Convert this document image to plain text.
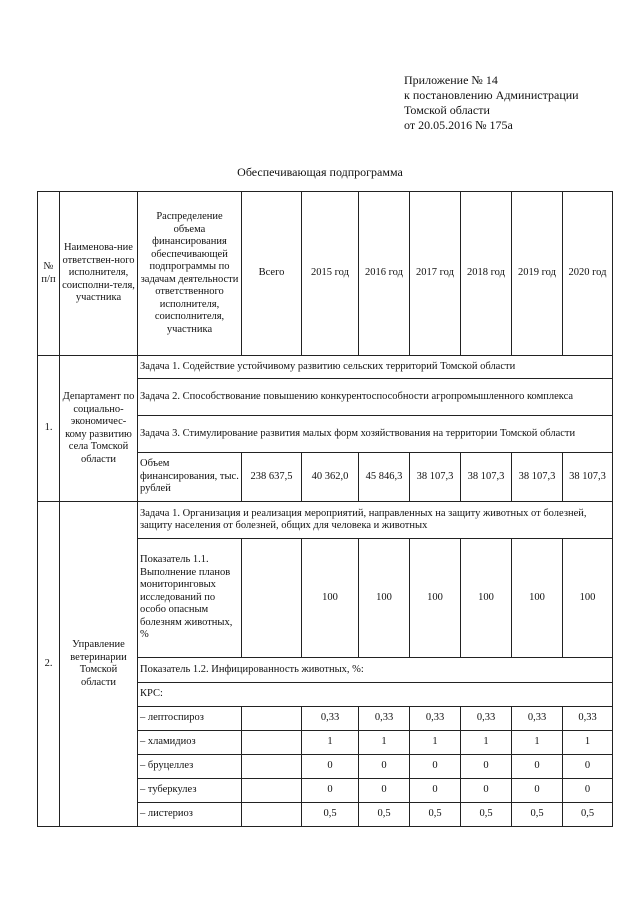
Приложение № 14
к постановлению Администрации
Томской области
от 20.05.2016 № 175а
Обеспечивающая подпрограмма
№ п/п	Наименова-ние ответствен-ного исполнителя, соисполни-теля, участника	Распределение объема финансирования обеспечивающей подпрограммы по задачам деятельности ответственного исполнителя, соисполнителя, участника	Всего	2015 год	2016 год	2017 год	2018 год	2019 год	2020 год
1.	Департамент по социально-экономичес-кому развитию села Томской области	Задача 1. Содействие устойчивому развитию сельских территорий Томской области							
		Задача 2. Способствование повышению конкурентоспособности агропромышленного комплекса							
		Задача 3. Стимулирование развития малых форм хозяйствования на территории Томской области							
		Объем финансирования, тыс. рублей	238 637,5	40 362,0	45 846,3	38 107,3	38 107,3	38 107,3	38 107,3
2.	Управление ветеринарии Томской области	Задача 1. Организация и реализация мероприятий, направленных на защиту животных от болезней, защиту населения от болезней, общих для человека и животных							
		Показатель 1.1. Выполнение планов мониторинговых исследований по особо опасным болезням животных, %		100	100	100	100	100	100
		Показатель 1.2. Инфицированность животных, %:							
		КРС:							
		– лептоспироз		0,33	0,33	0,33	0,33	0,33	0,33
		– хламидиоз		1	1	1	1	1	1
		– бруцеллез		0	0	0	0	0	0
		– туберкулез		0	0	0	0	0	0
		– листериоз		0,5	0,5	0,5	0,5	0,5	0,5
